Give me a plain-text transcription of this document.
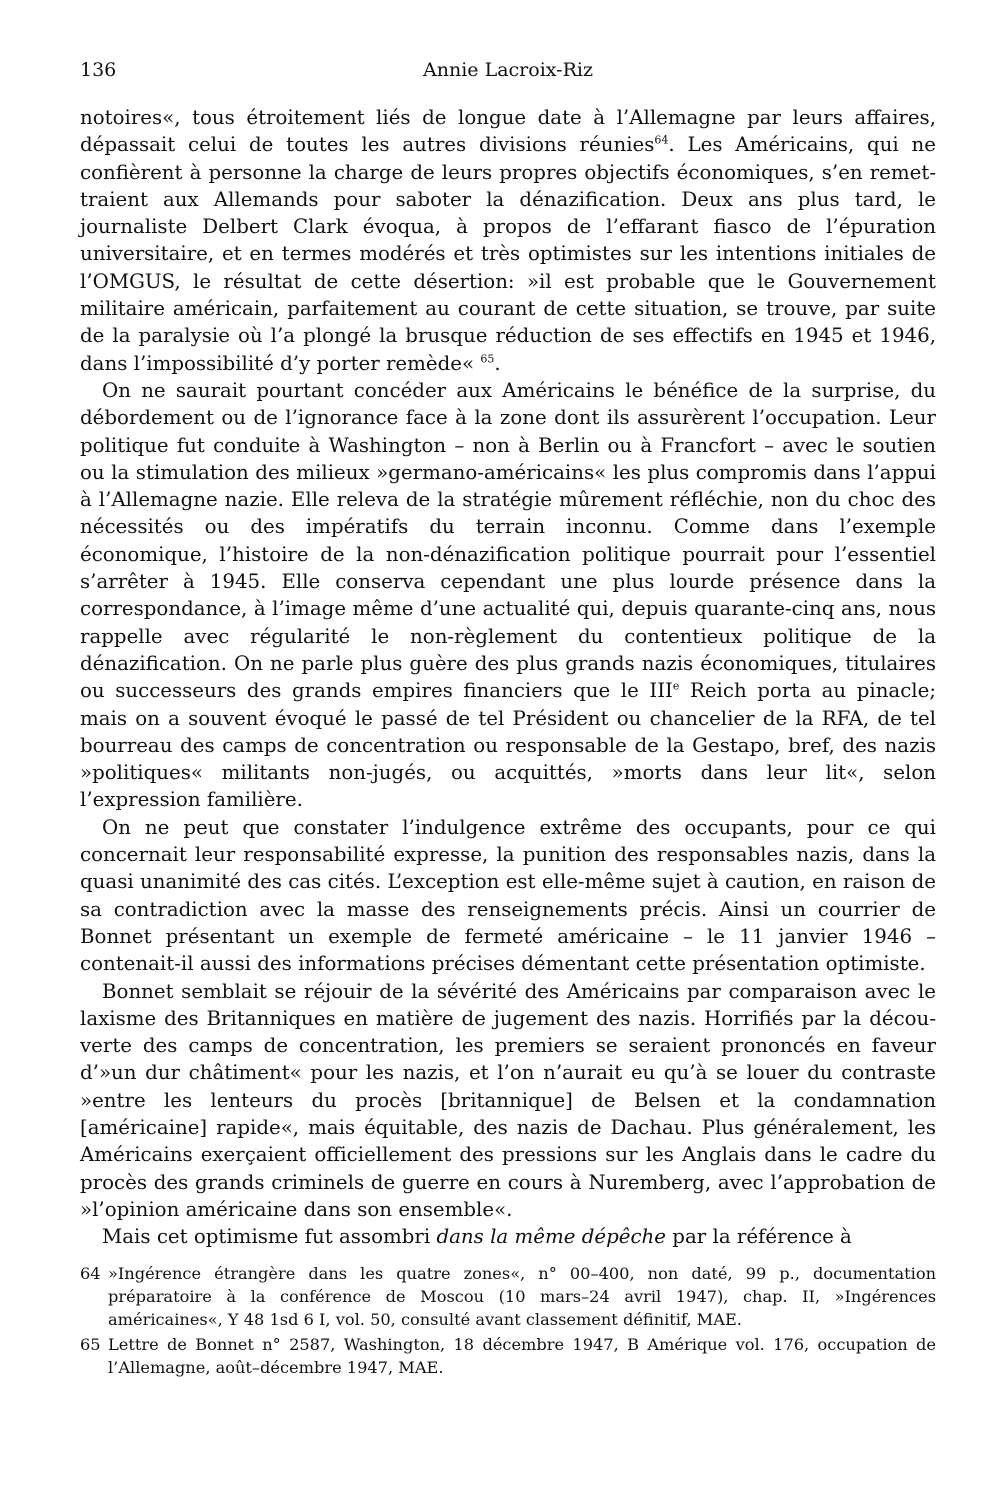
136	Annie Lacroix-Riz

notoires«, tous étroitement liés de longue date à l’Allemagne par leurs affaires, dépassait celui de toutes les autres divisions réunies$^{64}$. Les Américains, qui ne confièrent à personne la charge de leurs propres objectifs économiques, s’en remettraient aux Allemands pour saboter la dénazification. Deux ans plus tard, le journaliste Delbert Clark évoqua, à propos de l’effarant fiasco de l’épuration universitaire, et en termes modérés et très optimistes sur les intentions initiales de l’OMGUS, le résultat de cette désertion: »il est probable que le Gouvernement militaire américain, parfaitement au courant de cette situation, se trouve, par suite de la paralysie où l’a plongé la brusque réduction de ses effectifs en 1945 et 1946, dans l’impossibilité d’y porter remède« $^{65}$.

On ne saurait pourtant concéder aux Américains le bénéfice de la surprise, du débordement ou de l’ignorance face à la zone dont ils assurèrent l’occupation. Leur politique fut conduite à Washington – non à Berlin ou à Francfort – avec le soutien ou la stimulation des milieux »germano-américains« les plus compromis dans l’appui à l’Allemagne nazie. Elle releva de la stratégie mûrement réfléchie, non du choc des nécessités ou des impératifs du terrain inconnu. Comme dans l’exemple économique, l’histoire de la non-dénazification politique pourrait pour l’essentiel s’arrêter à 1945. Elle conserva cependant une plus lourde présence dans la correspondance, à l’image même d’une actualité qui, depuis quarante-cinq ans, nous rappelle avec régularité le non-règlement du contentieux politique de la dénazification. On ne parle plus guère des plus grands nazis économiques, titulaires ou successeurs des grands empires financiers que le IIIe Reich porta au pinacle; mais on a souvent évoqué le passé de tel Président ou chancelier de la RFA, de tel bourreau des camps de concentration ou responsable de la Gestapo, bref, des nazis »politiques« militants non-jugés, ou acquittés, »morts dans leur lit«, selon l’expression familière.

On ne peut que constater l’indulgence extrême des occupants, pour ce qui concernait leur responsabilité expresse, la punition des responsables nazis, dans la quasi unanimité des cas cités. L’exception est elle-même sujet à caution, en raison de sa contradiction avec la masse des renseignements précis. Ainsi un courrier de Bonnet présentant un exemple de fermeté américaine – le 11 janvier 1946 – contenait-il aussi des informations précises démentant cette présentation optimiste.

Bonnet semblait se réjouir de la sévérité des Américains par comparaison avec le laxisme des Britanniques en matière de jugement des nazis. Horrifiés par la découverte des camps de concentration, les premiers se seraient prononcés en faveur d’»un dur châtiment« pour les nazis, et l’on n’aurait eu qu’à se louer du contraste »entre les lenteurs du procès [britannique] de Belsen et la condamnation [américaine] rapide«, mais équitable, des nazis de Dachau. Plus généralement, les Américains exerçaient officiellement des pressions sur les Anglais dans le cadre du procès des grands criminels de guerre en cours à Nuremberg, avec l’approbation de »l’opinion américaine dans son ensemble«.

Mais cet optimisme fut assombri dans la même dépêche par la référence à

64 »Ingérence étrangère dans les quatre zones«, n° 00–400, non daté, 99 p., documentation préparatoire à la conférence de Moscou (10 mars–24 avril 1947), chap. II, »Ingérences américaines«, Y 48 1sd 6 I, vol. 50, consulté avant classement définitif, MAE.

65 Lettre de Bonnet n° 2587, Washington, 18 décembre 1947, B Amérique vol. 176, occupation de l’Allemagne, août–décembre 1947, MAE.
